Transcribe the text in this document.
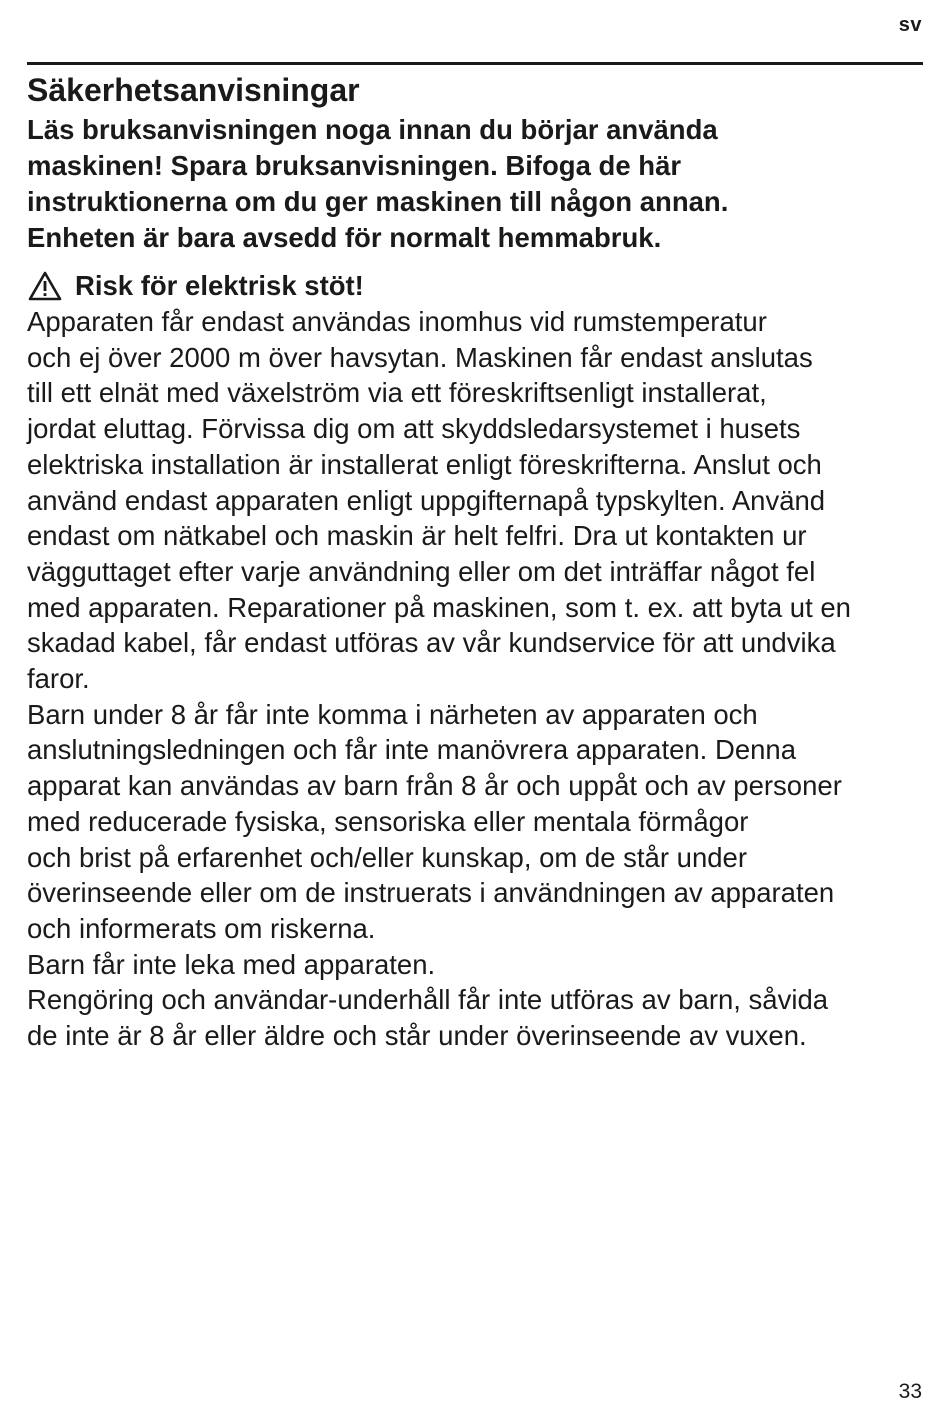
sv
Säkerhetsanvisningar

Läs bruksanvisningen noga innan du börjar använda
maskinen! Spara bruksanvisningen. Bifoga de här
instruktionerna om du ger maskinen till någon annan.
Enheten är bara avsedd för normalt hemmabruk.

Risk för elektrisk stöt!

Apparaten får endast användas inomhus vid rumstemperatur
och ej över 2000 m över havsytan. Maskinen får endast anslutas
till ett elnät med växelström via ett föreskriftsenligt installerat,
jordat eluttag. Förvissa dig om att skyddsledarsystemet i husets
elektriska installation är installerat enligt föreskrifterna. Anslut och
använd endast apparaten enligt uppgifternapå typskylten. Använd
endast om nätkabel och maskin är helt felfri. Dra ut kontakten ur
vägguttaget efter varje användning eller om det inträffar något fel
med apparaten. Reparationer på maskinen, som t. ex. att byta ut en
skadad kabel, får endast utföras av vår kundservice för att undvika
faror.

Barn under 8 år får inte komma i närheten av apparaten och
anslutningsledningen och får inte manövrera apparaten. Denna
apparat kan användas av barn från 8 år och uppåt och av personer
med reducerade fysiska, sensoriska eller mentala förmågor
och brist på erfarenhet och/eller kunskap, om de står under
överinseende eller om de instruerats i användningen av apparaten
och informerats om riskerna.

Barn får inte leka med apparaten.

Rengöring och användar-underhåll får inte utföras av barn, såvida
de inte är 8 år eller äldre och står under överinseende av vuxen.

33
